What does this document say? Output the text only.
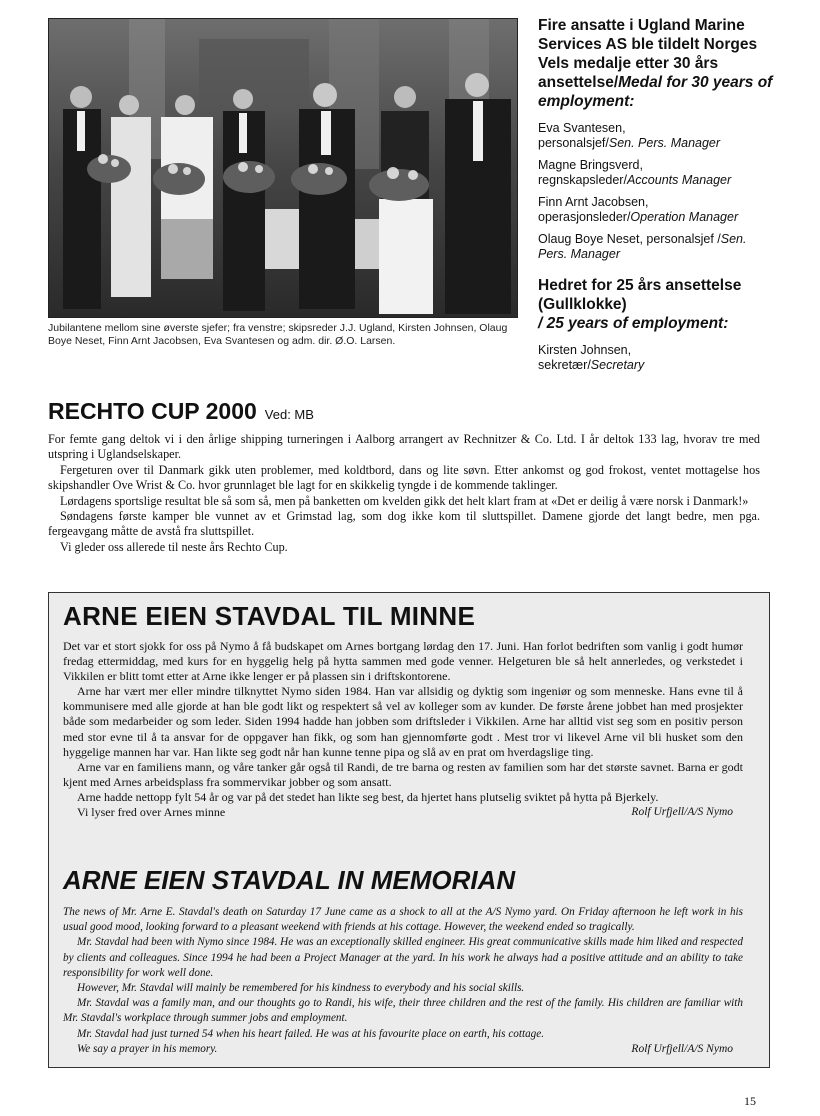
Jubilantene mellom sine øverste sjefer; fra venstre; skipsreder J.J. Ugland, Kirsten Johnsen, Olaug Boye Neset, Finn Arnt Jacobsen, Eva Svantesen og adm. dir. Ø.O. Larsen.
Fire ansatte i Ugland Marine Services AS ble tildelt Norges Vels medalje etter 30 års ansettelse/Medal for 30 years of employment:
Eva Svantesen,
personalsjef/Sen. Pers. Manager
Magne Bringsverd,
regnskapsleder/Accounts Manager
Finn Arnt Jacobsen,
operasjonsleder/Operation Manager
Olaug Boye Neset, personalsjef /Sen. Pers. Manager
Hedret for 25 års ansettelse (Gullklokke)
/ 25 years of employment:
Kirsten Johnsen,
sekretær/Secretary
RECHTO CUP 2000 Ved: MB

For femte gang deltok vi i den årlige shipping turneringen i Aalborg arrangert av Rechnitzer & Co. Ltd. I år deltok 133 lag, hvorav tre med utspring i Uglandselskaper.

Fergeturen over til Danmark gikk uten problemer, med koldtbord, dans og lite søvn. Etter ankomst og god frokost, ventet mottagelse hos skipshandler Ove Wrist & Co. hvor grunnlaget ble lagt for en skikkelig tyngde i de kommende taklinger.

Lørdagens sportslige resultat ble så som så, men på banketten om kvelden gikk det helt klart fram at «Det er deilig å være norsk i Danmark!»

Søndagens første kamper ble vunnet av et Grimstad lag, som dog ikke kom til sluttspillet. Damene gjorde det langt bedre, men pga. fergeavgang måtte de avstå fra sluttspillet.

Vi gleder oss allerede til neste års Rechto Cup.

ARNE EIEN STAVDAL TIL MINNE

Det var et stort sjokk for oss på Nymo å få budskapet om Arnes bortgang lørdag den 17. Juni. Han forlot bedriften som vanlig i godt humør fredag ettermiddag, med kurs for en hyggelig helg på hytta sammen med gode venner. Helgeturen ble så helt annerledes, og verkstedet i Vikkilen er blitt tomt etter at Arne ikke lenger er på plassen sin i driftskontorene.

Arne har vært mer eller mindre tilknyttet Nymo siden 1984. Han var allsidig og dyktig som ingeniør og som menneske. Hans evne til å kommunisere med alle gjorde at han ble godt likt og respektert så vel av kolleger som av kunder. De første årene jobbet han med prosjekter både som medarbeider og som leder. Siden 1994 hadde han jobben som driftsleder i Vikkilen. Arne har alltid vist seg som en positiv person med stor evne til å ta ansvar for de oppgaver han fikk, og som han gjennomførte godt . Mest tror vi likevel Arne vil bli husket som den hyggelige mannen har var. Han likte seg godt når han kunne tenne pipa og slå av en prat om hverdagslige ting.

Arne var en familiens mann, og våre tanker går også til Randi, de tre barna og resten av familien som har det største savnet. Barna er godt kjent med Arnes arbeidsplass fra sommervikar jobber og som ansatt.

Arne hadde nettopp fylt 54 år og var på det stedet han likte seg best, da hjertet hans plutselig sviktet på hytta på Bjerkely.

Vi lyser fred over Arnes minne	Rolf Urfjell/A/S Nymo

ARNE EIEN STAVDAL IN MEMORIAN

The news of Mr. Arne E. Stavdal's death on Saturday 17 June came as a shock to all at the A/S Nymo yard. On Friday afternoon he left work in his usual good mood, looking forward to a pleasant weekend with friends at his cottage. However, the weekend ended so tragically.

Mr. Stavdal had been with Nymo since 1984. He was an exceptionally skilled engineer. His great communicative skills made him liked and respected by clients and colleagues. Since 1994 he had been a Project Manager at the yard. In his work he always had a positive attitude and an ability to take responsibility for work well done.

However, Mr. Stavdal will mainly be remembered for his kindness to everybody and his social skills.

Mr. Stavdal was a family man, and our thoughts go to Randi, his wife, their three children and the rest of the family. His children are familiar with Mr. Stavdal's workplace through summer jobs and employment.

Mr. Stavdal had just turned 54 when his heart failed. He was at his favourite place on earth, his cottage.

We say a prayer in his memory.	Rolf Urfjell/A/S Nymo

15
